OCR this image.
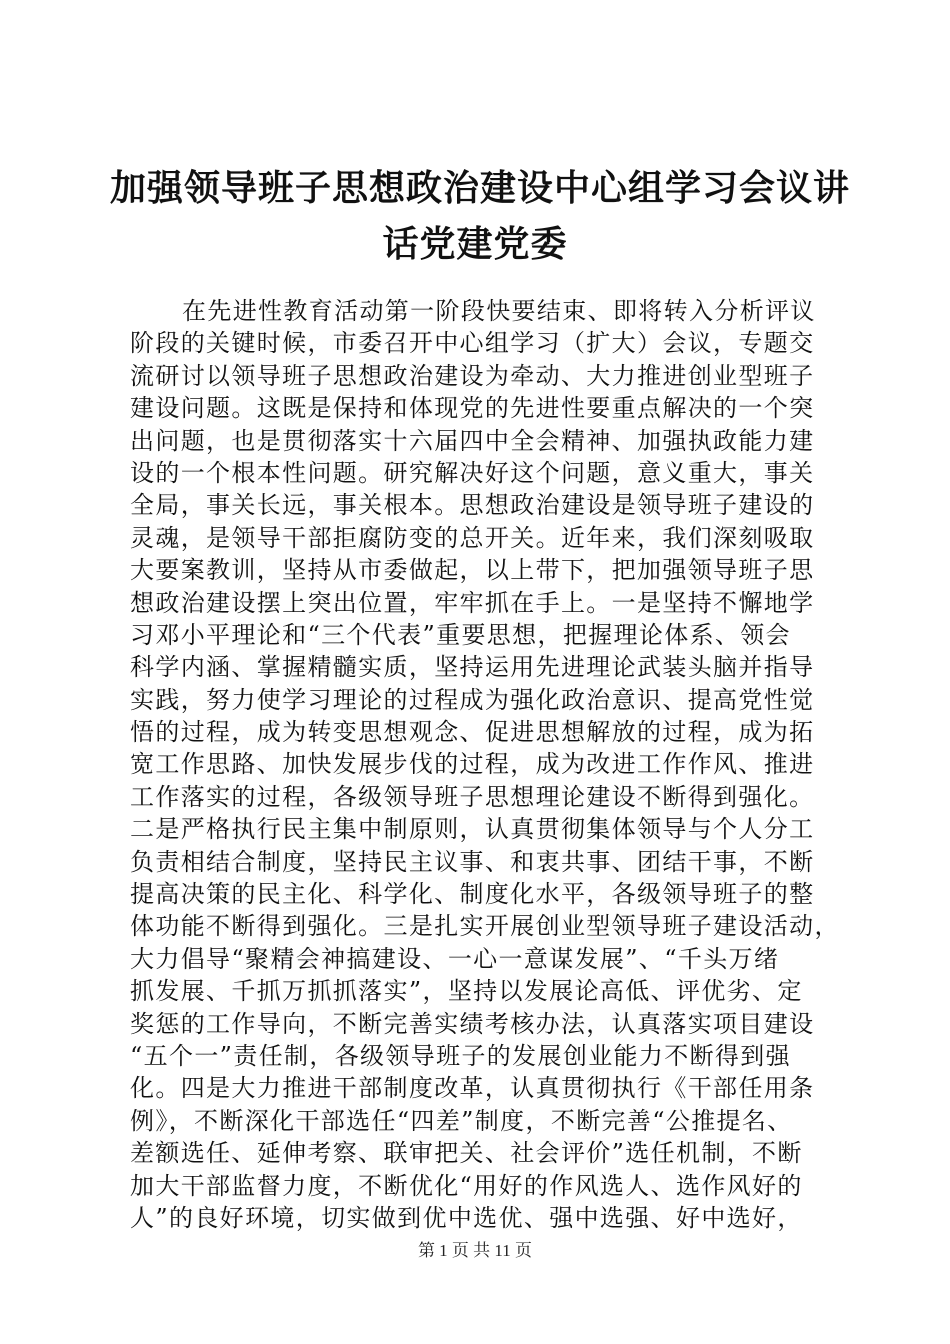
加强领导班子思想政治建设中心组学习会议讲
话党建党委
在先进性教育活动第一阶段快要结束、即将转入分析评议
阶段的关键时候，市委召开中心组学习（扩大）会议，专题交
流研讨以领导班子思想政治建设为牵动、大力推进创业型班子
建设问题。这既是保持和体现党的先进性要重点解决的一个突
出问题，也是贯彻落实十六届四中全会精神、加强执政能力建
设的一个根本性问题。研究解决好这个问题，意义重大，事关
全局，事关长远，事关根本。思想政治建设是领导班子建设的
灵魂，是领导干部拒腐防变的总开关。近年来，我们深刻吸取
大要案教训，坚持从市委做起，以上带下，把加强领导班子思
想政治建设摆上突出位置，牢牢抓在手上。一是坚持不懈地学
习邓小平理论和“三个代表”重要思想，把握理论体系、领会
科学内涵、掌握精髓实质，坚持运用先进理论武装头脑并指导
实践，努力使学习理论的过程成为强化政治意识、提高党性觉
悟的过程，成为转变思想观念、促进思想解放的过程，成为拓
宽工作思路、加快发展步伐的过程，成为改进工作作风、推进
工作落实的过程，各级领导班子思想理论建设不断得到强化。
二是严格执行民主集中制原则，认真贯彻集体领导与个人分工
负责相结合制度，坚持民主议事、和衷共事、团结干事，不断
提高决策的民主化、科学化、制度化水平，各级领导班子的整
体功能不断得到强化。三是扎实开展创业型领导班子建设活动，
大力倡导“聚精会神搞建设、一心一意谋发展”、“千头万绪
抓发展、千抓万抓抓落实”，坚持以发展论高低、评优劣、定
奖惩的工作导向，不断完善实绩考核办法，认真落实项目建设
“五个一”责任制，各级领导班子的发展创业能力不断得到强
化。四是大力推进干部制度改革，认真贯彻执行《干部任用条
例》，不断深化干部选任“四差”制度，不断完善“公推提名、
差额选任、延伸考察、联审把关、社会评价”选任机制，不断
加大干部监督力度，不断优化“用好的作风选人、选作风好的
人”的良好环境，切实做到优中选优、强中选强、好中选好，
第 1 页 共 11 页
